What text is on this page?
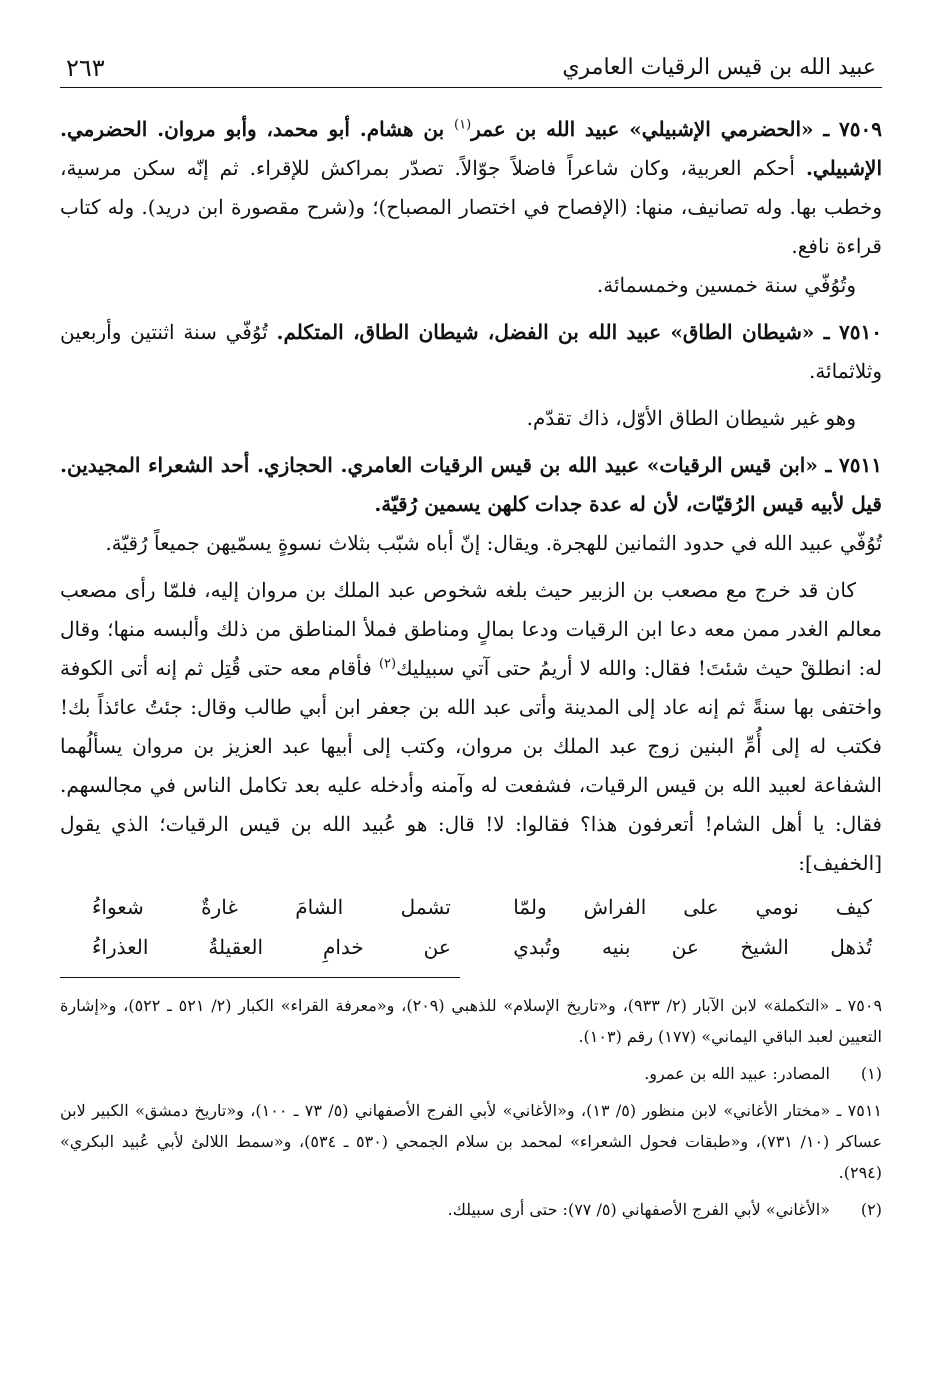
عبيد الله بن قيس الرقيات العامري
٢٦٣

٧٥٠٩ ـ «الحضرمي الإشبيلي» عبيد الله بن عمر$^{(١)}$ بن هشام. أبو محمد، وأبو مروان. الحضرمي. الإشبيلي. أحكم العربية، وكان شاعراً فاضلاً جوّالاً. تصدّر بمراكش للإقراء. ثم إنّه سكن مرسية، وخطب بها. وله تصانيف، منها: (الإفصاح في اختصار المصباح)؛ و(شرح مقصورة ابن دريد). وله كتاب قراءة نافع.

وتُوُفّي سنة خمسين وخمسمائة.

٧٥١٠ ـ «شيطان الطاق» عبيد الله بن الفضل، شيطان الطاق، المتكلم. تُوُفّي سنة اثنتين وأربعين وثلاثمائة.

وهو غير شيطان الطاق الأوّل، ذاك تقدّم.

٧٥١١ ـ «ابن قيس الرقيات» عبيد الله بن قيس الرقيات العامري. الحجازي. أحد الشعراء المجيدين. قيل لأبيه قيس الرُقيّات، لأن له عدة جدات كلهن يسمين رُقيّة.

تُوُفّي عبيد الله في حدود الثمانين للهجرة. ويقال: إنّ أباه شبّب بثلاث نسوةٍ يسمّيهن جميعاً رُقيّة.

كان قد خرج مع مصعب بن الزبير حيث بلغه شخوص عبد الملك بن مروان إليه، فلمّا رأى مصعب معالم الغدر ممن معه دعا ابن الرقيات ودعا بمالٍ ومناطق فملأ المناطق من ذلك وألبسه منها؛ وقال له: انطلقْ حيث شئتَ! فقال: والله لا أريمُ حتى آتي سبيليك$^{(٢)}$ فأقام معه حتى قُتِل ثم إنه أتى الكوفة واختفى بها سنةً ثم إنه عاد إلى المدينة وأتى عبد الله بن جعفر ابن أبي طالب وقال: جئتُ عائذاً بك! فكتب له إلى أُمِّ البنين زوج عبد الملك بن مروان، وكتب إلى أبيها عبد العزيز بن مروان يسألُهما الشفاعة لعبيد الله بن قيس الرقيات، فشفعت له وآمنه وأدخله عليه بعد تكامل الناس في مجالسهم. فقال: يا أهل الشام! أتعرفون هذا؟ فقالوا: لا! قال: هو عُبيد الله بن قيس الرقيات؛ الذي يقول [الخفيف]:

كيف نومي على الفراش ولمّا
تشمل الشامَ غارةٌ شعواءُ
تُذهل الشيخ عن بنيه وتُبدي
عن خدامِ العقيلةُ العذراءُ

٧٥٠٩ ـ «التكملة» لابن الآبار (٢/ ٩٣٣)، و«تاريخ الإسلام» للذهبي (٢٠٩)، و«معرفة القراء» الكبار (٢/ ٥٢١ ـ ٥٢٢)، و«إشارة التعيين لعبد الباقي اليماني» (١٧٧) رقم (١٠٣).

(١)المصادر: عبيد الله بن عمرو.

٧٥١١ ـ «مختار الأغاني» لابن منظور (٥/ ١٣)، و«الأغاني» لأبي الفرج الأصفهاني (٥/ ٧٣ ـ ١٠٠)، و«تاريخ دمشق» الكبير لابن عساكر (١٠/ ٧٣١)، و«طبقات فحول الشعراء» لمحمد بن سلام الجمحي (٥٣٠ ـ ٥٣٤)، و«سمط اللالئ لأبي عُبيد البكري» (٢٩٤).

(٢)«الأغاني» لأبي الفرج الأصفهاني (٥/ ٧٧): حتى أرى سبيلك.
